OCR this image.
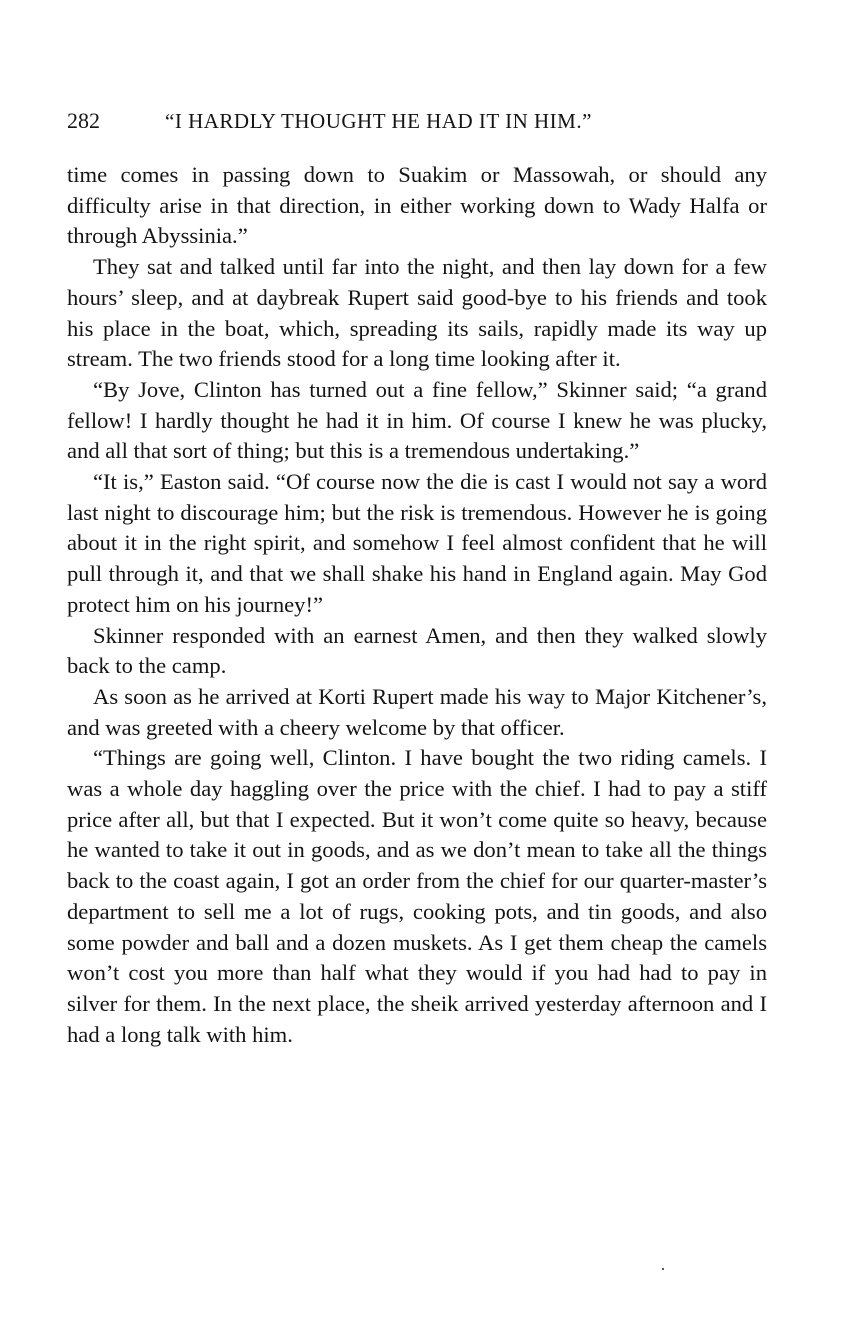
282	“I HARDLY THOUGHT HE HAD IT IN HIM.”

time comes in passing down to Suakim or Massowah, or should any difficulty arise in that direction, in either working down to Wady Halfa or through Abyssinia.”

They sat and talked until far into the night, and then lay down for a few hours’ sleep, and at daybreak Rupert said good-bye to his friends and took his place in the boat, which, spreading its sails, rapidly made its way up stream. The two friends stood for a long time looking after it.

“By Jove, Clinton has turned out a fine fellow,” Skinner said; “a grand fellow! I hardly thought he had it in him. Of course I knew he was plucky, and all that sort of thing; but this is a tremendous undertaking.”

“It is,” Easton said. “Of course now the die is cast I would not say a word last night to discourage him; but the risk is tremendous. However he is going about it in the right spirit, and somehow I feel almost confident that he will pull through it, and that we shall shake his hand in England again. May God protect him on his journey!”

Skinner responded with an earnest Amen, and then they walked slowly back to the camp.

As soon as he arrived at Korti Rupert made his way to Major Kitchener’s, and was greeted with a cheery welcome by that officer.

“Things are going well, Clinton. I have bought the two riding camels. I was a whole day haggling over the price with the chief. I had to pay a stiff price after all, but that I expected. But it won’t come quite so heavy, because he wanted to take it out in goods, and as we don’t mean to take all the things back to the coast again, I got an order from the chief for our quarter-master’s department to sell me a lot of rugs, cooking pots, and tin goods, and also some powder and ball and a dozen muskets. As I get them cheap the camels won’t cost you more than half what they would if you had had to pay in silver for them. In the next place, the sheik arrived yesterday afternoon and I had a long talk with him.
